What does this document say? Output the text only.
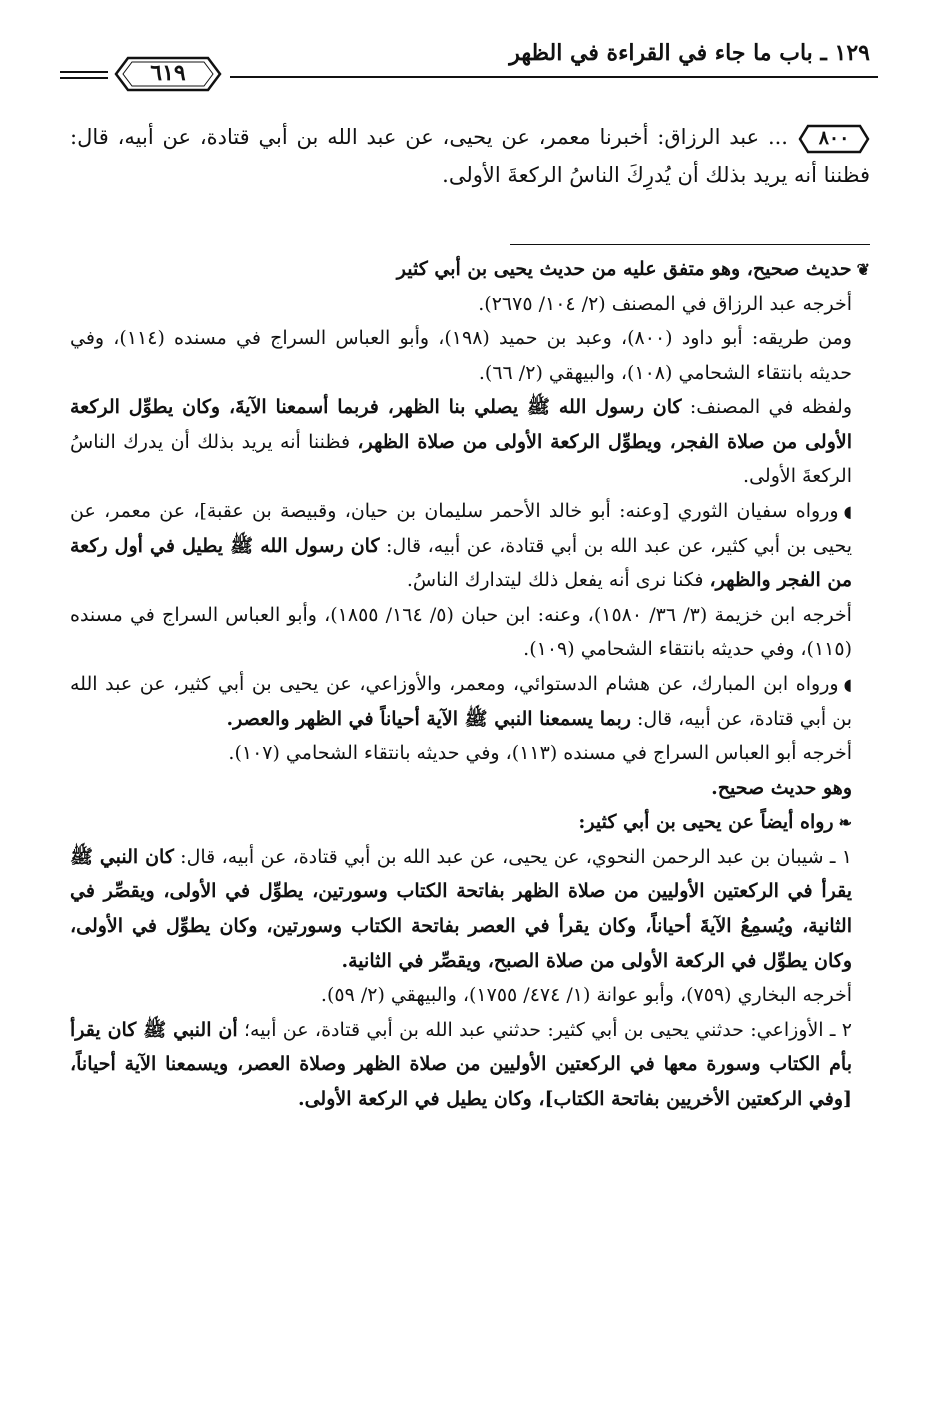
١٢٩ ـ باب ما جاء في القراءة في الظهر
٦١٩

٨٠٠... عبد الرزاق: أخبرنا معمر، عن يحيى، عن عبد الله بن أبي قتادة، عن أبيه، قال: فظننا أنه يريد بذلك أن يُدرِكَ الناسُ الركعةَ الأولى.

❦حديث صحيح، وهو متفق عليه من حديث يحيى بن أبي كثير

أخرجه عبد الرزاق في المصنف (٢/ ١٠٤/ ٢٦٧٥).

ومن طريقه: أبو داود (٨٠٠)، وعبد بن حميد (١٩٨)، وأبو العباس السراج في مسنده (١١٤)، وفي حديثه بانتقاء الشحامي (١٠٨)، والبيهقي (٢/ ٦٦).

ولفظه في المصنف: كان رسول الله ﷺ يصلي بنا الظهر، فربما أسمعنا الآيةَ، وكان يطوِّل الركعة الأولى من صلاة الفجر، ويطوِّل الركعة الأولى من صلاة الظهر، فظننا أنه يريد بذلك أن يدرك الناسُ الركعةَ الأولى.

◖ورواه سفيان الثوري [وعنه: أبو خالد الأحمر سليمان بن حيان، وقبيصة بن عقبة]، عن معمر، عن يحيى بن أبي كثير، عن عبد الله بن أبي قتادة، عن أبيه، قال: كان رسول الله ﷺ يطيل في أول ركعة من الفجر والظهر، فكنا نرى أنه يفعل ذلك ليتدارك الناسُ.

أخرجه ابن خزيمة (٣/ ٣٦/ ١٥٨٠)، وعنه: ابن حبان (٥/ ١٦٤/ ١٨٥٥)، وأبو العباس السراج في مسنده (١١٥)، وفي حديثه بانتقاء الشحامي (١٠٩).

◖ورواه ابن المبارك، عن هشام الدستوائي، ومعمر، والأوزاعي، عن يحيى بن أبي كثير، عن عبد الله بن أبي قتادة، عن أبيه، قال: ربما يسمعنا النبي ﷺ الآية أحياناً في الظهر والعصر.

أخرجه أبو العباس السراج في مسنده (١١٣)، وفي حديثه بانتقاء الشحامي (١٠٧).

وهو حديث صحيح.

❧رواه أيضاً عن يحيى بن أبي كثير:

١ ـ شيبان بن عبد الرحمن النحوي، عن يحيى، عن عبد الله بن أبي قتادة، عن أبيه، قال: كان النبي ﷺ يقرأ في الركعتين الأوليين من صلاة الظهر بفاتحة الكتاب وسورتين، يطوِّل في الأولى، ويقصِّر في الثانية، ويُسمِعُ الآيةَ أحياناً، وكان يقرأ في العصر بفاتحة الكتاب وسورتين، وكان يطوِّل في الأولى، وكان يطوِّل في الركعة الأولى من صلاة الصبح، ويقصِّر في الثانية.

أخرجه البخاري (٧٥٩)، وأبو عوانة (١/ ٤٧٤/ ١٧٥٥)، والبيهقي (٢/ ٥٩).

٢ ـ الأوزاعي: حدثني يحيى بن أبي كثير: حدثني عبد الله بن أبي قتادة، عن أبيه؛ أن النبي ﷺ كان يقرأ بأم الكتاب وسورة معها في الركعتين الأوليين من صلاة الظهر وصلاة العصر، ويسمعنا الآية أحياناً، [وفي الركعتين الأخريين بفاتحة الكتاب]، وكان يطيل في الركعة الأولى.
